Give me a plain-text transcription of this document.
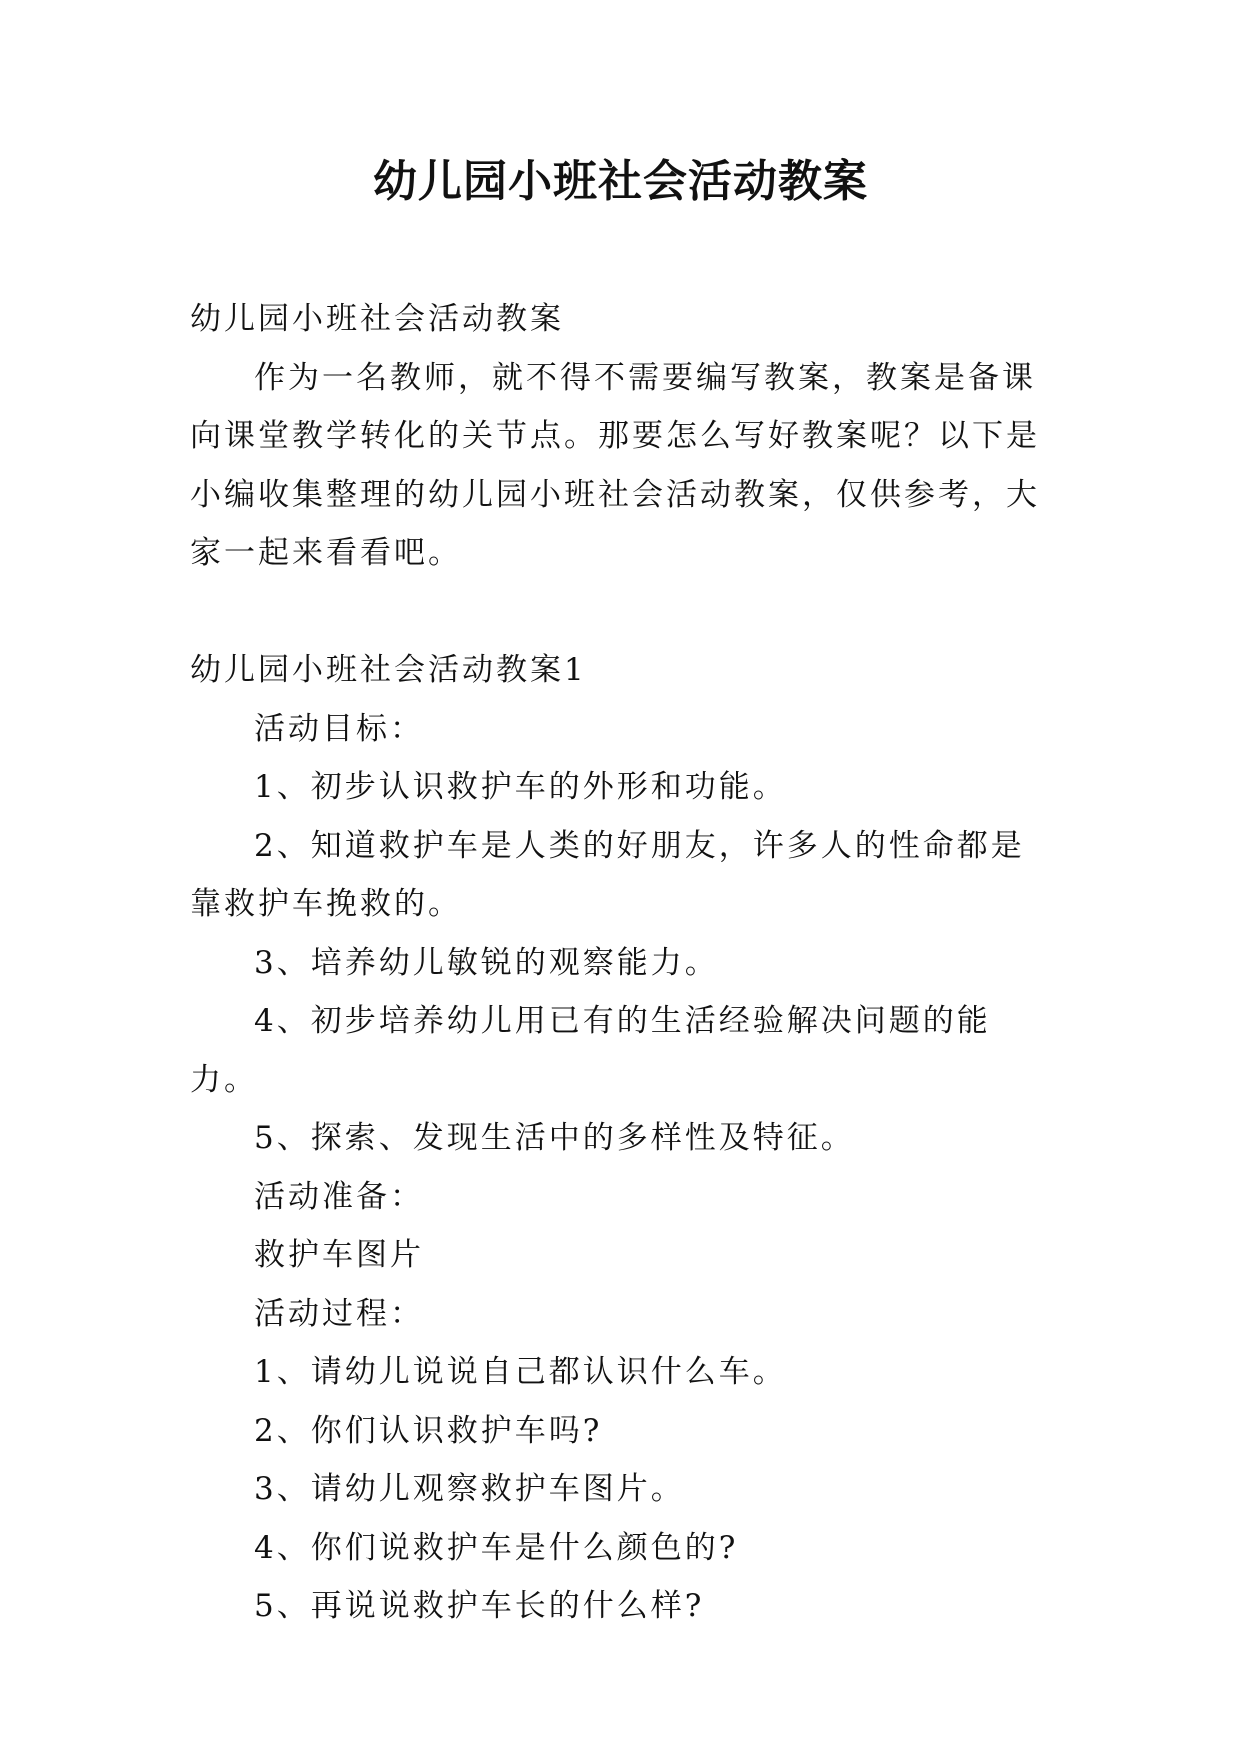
幼儿园小班社会活动教案

幼儿园小班社会活动教案

作为一名教师，就不得不需要编写教案，教案是备课向课堂教学转化的关节点。那要怎么写好教案呢？以下是小编收集整理的幼儿园小班社会活动教案，仅供参考，大家一起来看看吧。

幼儿园小班社会活动教案1

活动目标：

1、初步认识救护车的外形和功能。

2、知道救护车是人类的好朋友，许多人的性命都是靠救护车挽救的。

3、培养幼儿敏锐的观察能力。

4、初步培养幼儿用已有的生活经验解决问题的能力。

5、探索、发现生活中的多样性及特征。

活动准备：

救护车图片

活动过程：

1、请幼儿说说自己都认识什么车。

2、你们认识救护车吗?

3、请幼儿观察救护车图片。

4、你们说救护车是什么颜色的?

5、再说说救护车长的什么样?
